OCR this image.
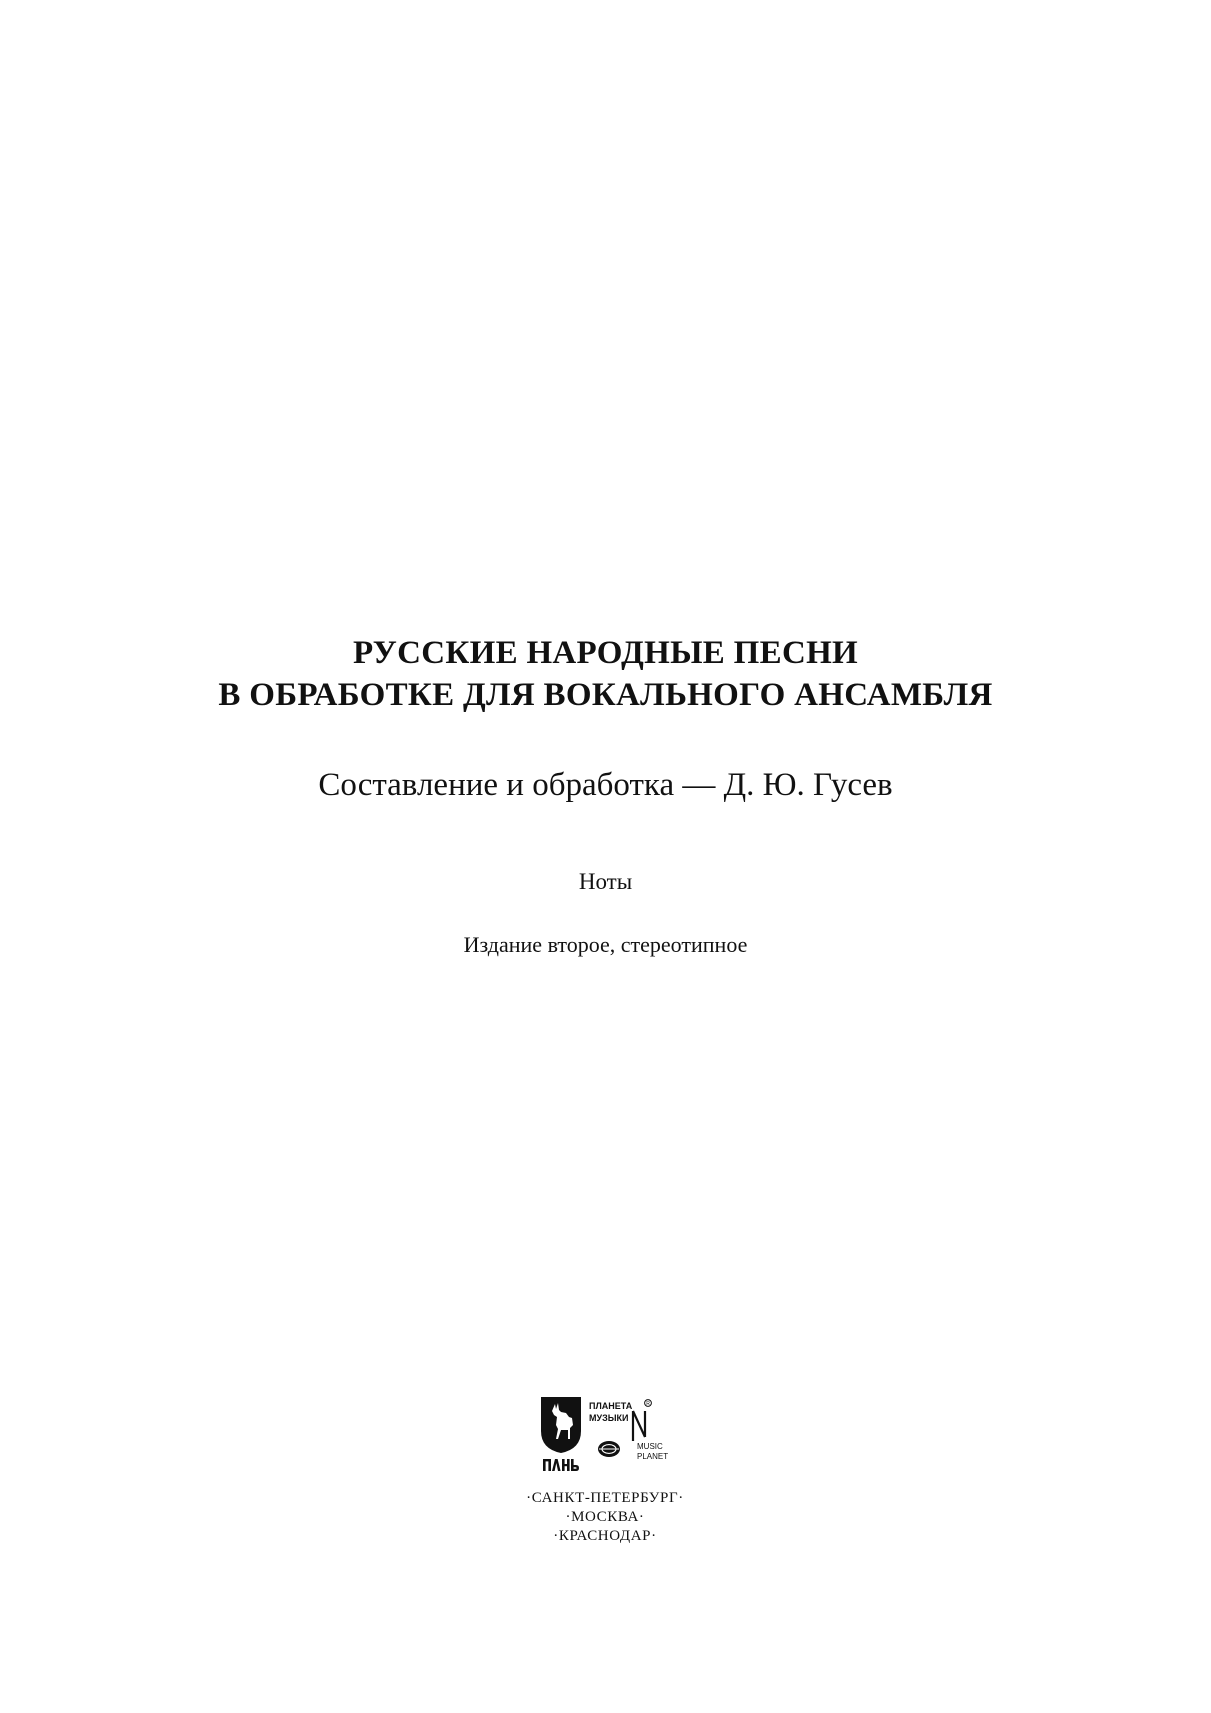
РУССКИЕ НАРОДНЫЕ ПЕСНИ
В ОБРАБОТКЕ ДЛЯ ВОКАЛЬНОГО АНСАМБЛЯ
Составление и обработка — Д. Ю. Гусев
Ноты
Издание второе, стереотипное
ПЛАНЕТА
МУЗЫКИ
R
MUSIC
PLANET
·САНКТ-ПЕТЕРБУРГ·
·МОСКВА·
·КРАСНОДАР·
